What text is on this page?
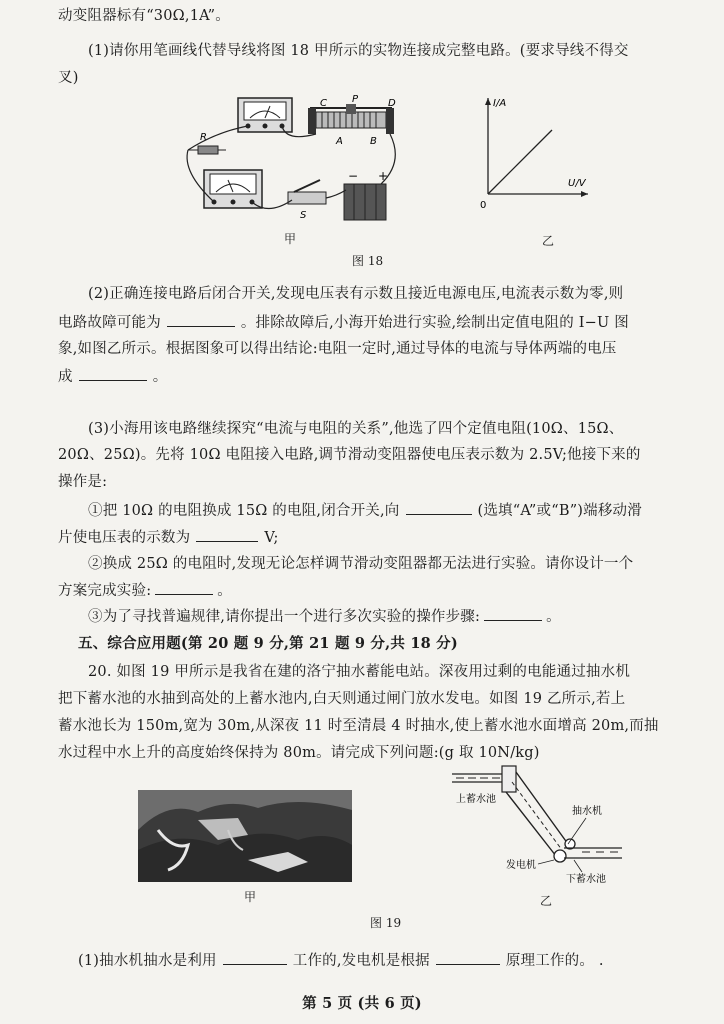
动变阻器标有“30Ω,1A”。
(1)请你用笔画线代替导线将图 18 甲所示的实物连接成完整电路。(要求导线不得交
叉)
C	P	D
A	B
R
S
− +
I/A
U/V
0
甲	乙
图 18
(2)正确连接电路后闭合开关,发现电压表有示数且接近电源电压,电流表示数为零,则
电路故障可能为	。排除故障后,小海开始进行实验,绘制出定值电阻的 I−U 图
象,如图乙所示。根据图象可以得出结论:电阻一定时,通过导体的电流与导体两端的电压
成	。
(3)小海用该电路继续探究“电流与电阻的关系”,他选了四个定值电阻(10Ω、15Ω、
20Ω、25Ω)。先将 10Ω 电阻接入电路,调节滑动变阻器使电压表示数为 2.5V;他接下来的
操作是:
①把 10Ω 的电阻换成 15Ω 的电阻,闭合开关,向	(选填“A”或“B”)端移动滑
片使电压表的示数为	V;
②换成 25Ω 的电阻时,发现无论怎样调节滑动变阻器都无法进行实验。请你设计一个
方案完成实验:	。
③为了寻找普遍规律,请你提出一个进行多次实验的操作步骤:	。
五、综合应用题(第 20 题 9 分,第 21 题 9 分,共 18 分)
20. 如图 19 甲所示是我省在建的洛宁抽水蓄能电站。深夜用过剩的电能通过抽水机
把下蓄水池的水抽到高处的上蓄水池内,白天则通过闸门放水发电。如图 19 乙所示,若上
蓄水池长为 150m,宽为 30m,从深夜 11 时至清晨 4 时抽水,使上蓄水池水面增高 20m,而抽
水过程中水上升的高度始终保持为 80m。请完成下列问题:(g 取 10N/kg)
上蓄水池
抽水机
发电机
下蓄水池
甲	乙
图 19
(1)抽水机抽水是利用	工作的,发电机是根据	原理工作的。 .
第 5 页 (共 6 页)
